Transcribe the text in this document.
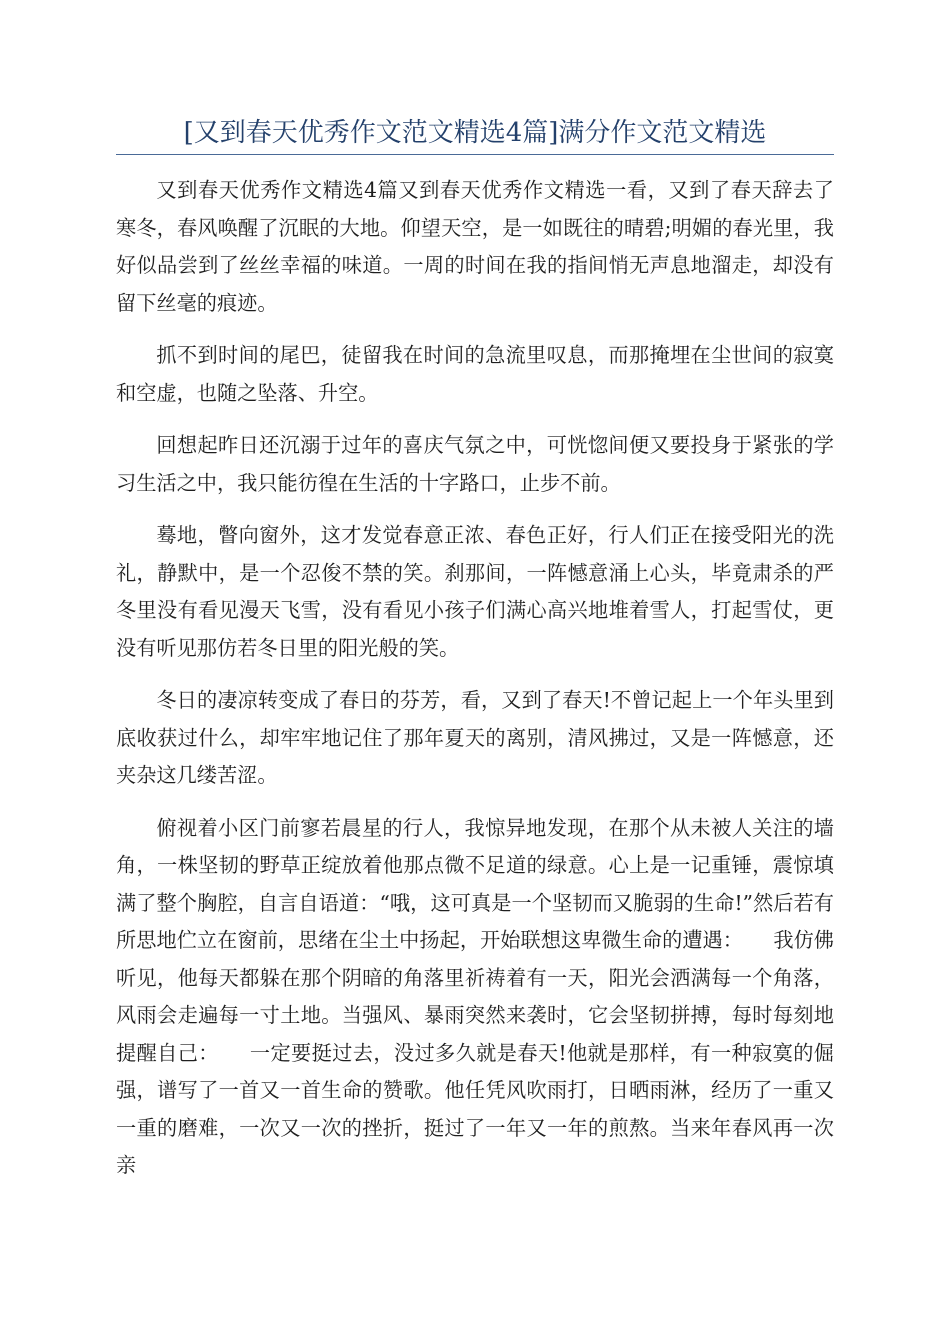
[又到春天优秀作文范文精选4篇]满分作文范文精选

又到春天优秀作文精选4篇又到春天优秀作文精选一看，又到了春天辞去了寒冬，春风唤醒了沉眠的大地。仰望天空，是一如既往的晴碧;明媚的春光里，我好似品尝到了丝丝幸福的味道。一周的时间在我的指间悄无声息地溜走，却没有留下丝毫的痕迹。

抓不到时间的尾巴，徒留我在时间的急流里叹息，而那掩埋在尘世间的寂寞和空虚，也随之坠落、升空。

回想起昨日还沉溺于过年的喜庆气氛之中，可恍惚间便又要投身于紧张的学习生活之中，我只能彷徨在生活的十字路口，止步不前。

蓦地，瞥向窗外，这才发觉春意正浓、春色正好，行人们正在接受阳光的洗礼，静默中，是一个忍俊不禁的笑。刹那间，一阵憾意涌上心头，毕竟肃杀的严冬里没有看见漫天飞雪，没有看见小孩子们满心高兴地堆着雪人，打起雪仗，更没有听见那仿若冬日里的阳光般的笑。

冬日的凄凉转变成了春日的芬芳，看，又到了春天!不曾记起上一个年头里到底收获过什么，却牢牢地记住了那年夏天的离别，清风拂过，又是一阵憾意，还夹杂这几缕苦涩。

俯视着小区门前寥若晨星的行人，我惊异地发现，在那个从未被人关注的墙角，一株坚韧的野草正绽放着他那点微不足道的绿意。心上是一记重锤，震惊填满了整个胸腔，自言自语道：“哦，这可真是一个坚韧而又脆弱的生命!”然后若有所思地伫立在窗前，思绪在尘土中扬起，开始联想这卑微生命的遭遇：　　我仿佛听见，他每天都躲在那个阴暗的角落里祈祷着有一天，阳光会洒满每一个角落，风雨会走遍每一寸土地。当强风、暴雨突然来袭时，它会坚韧拼搏，每时每刻地提醒自己：　　一定要挺过去，没过多久就是春天!他就是那样，有一种寂寞的倔强，谱写了一首又一首生命的赞歌。他任凭风吹雨打，日晒雨淋，经历了一重又一重的磨难，一次又一次的挫折，挺过了一年又一年的煎熬。当来年春风再一次亲
